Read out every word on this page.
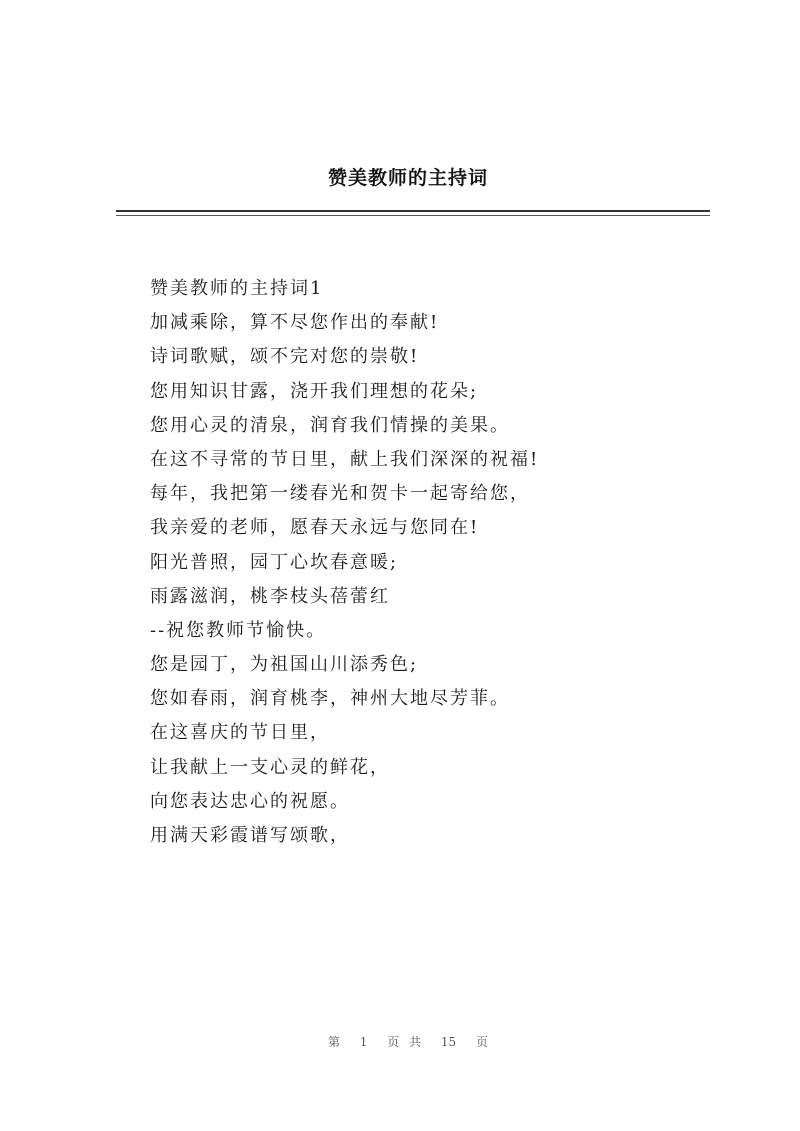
赞美教师的主持词
赞美教师的主持词1
加减乘除，算不尽您作出的奉献!
诗词歌赋，颂不完对您的崇敬!
您用知识甘露，浇开我们理想的花朵;
您用心灵的清泉，润育我们情操的美果。
在这不寻常的节日里，献上我们深深的祝福!
每年，我把第一缕春光和贺卡一起寄给您，
我亲爱的老师，愿春天永远与您同在!
阳光普照，园丁心坎春意暖;
雨露滋润，桃李枝头蓓蕾红
--祝您教师节愉快。
您是园丁，为祖国山川添秀色;
您如春雨，润育桃李，神州大地尽芳菲。
在这喜庆的节日里，
让我献上一支心灵的鲜花，
向您表达忠心的祝愿。
用满天彩霞谱写颂歌，
第 1 页 共 15 页
